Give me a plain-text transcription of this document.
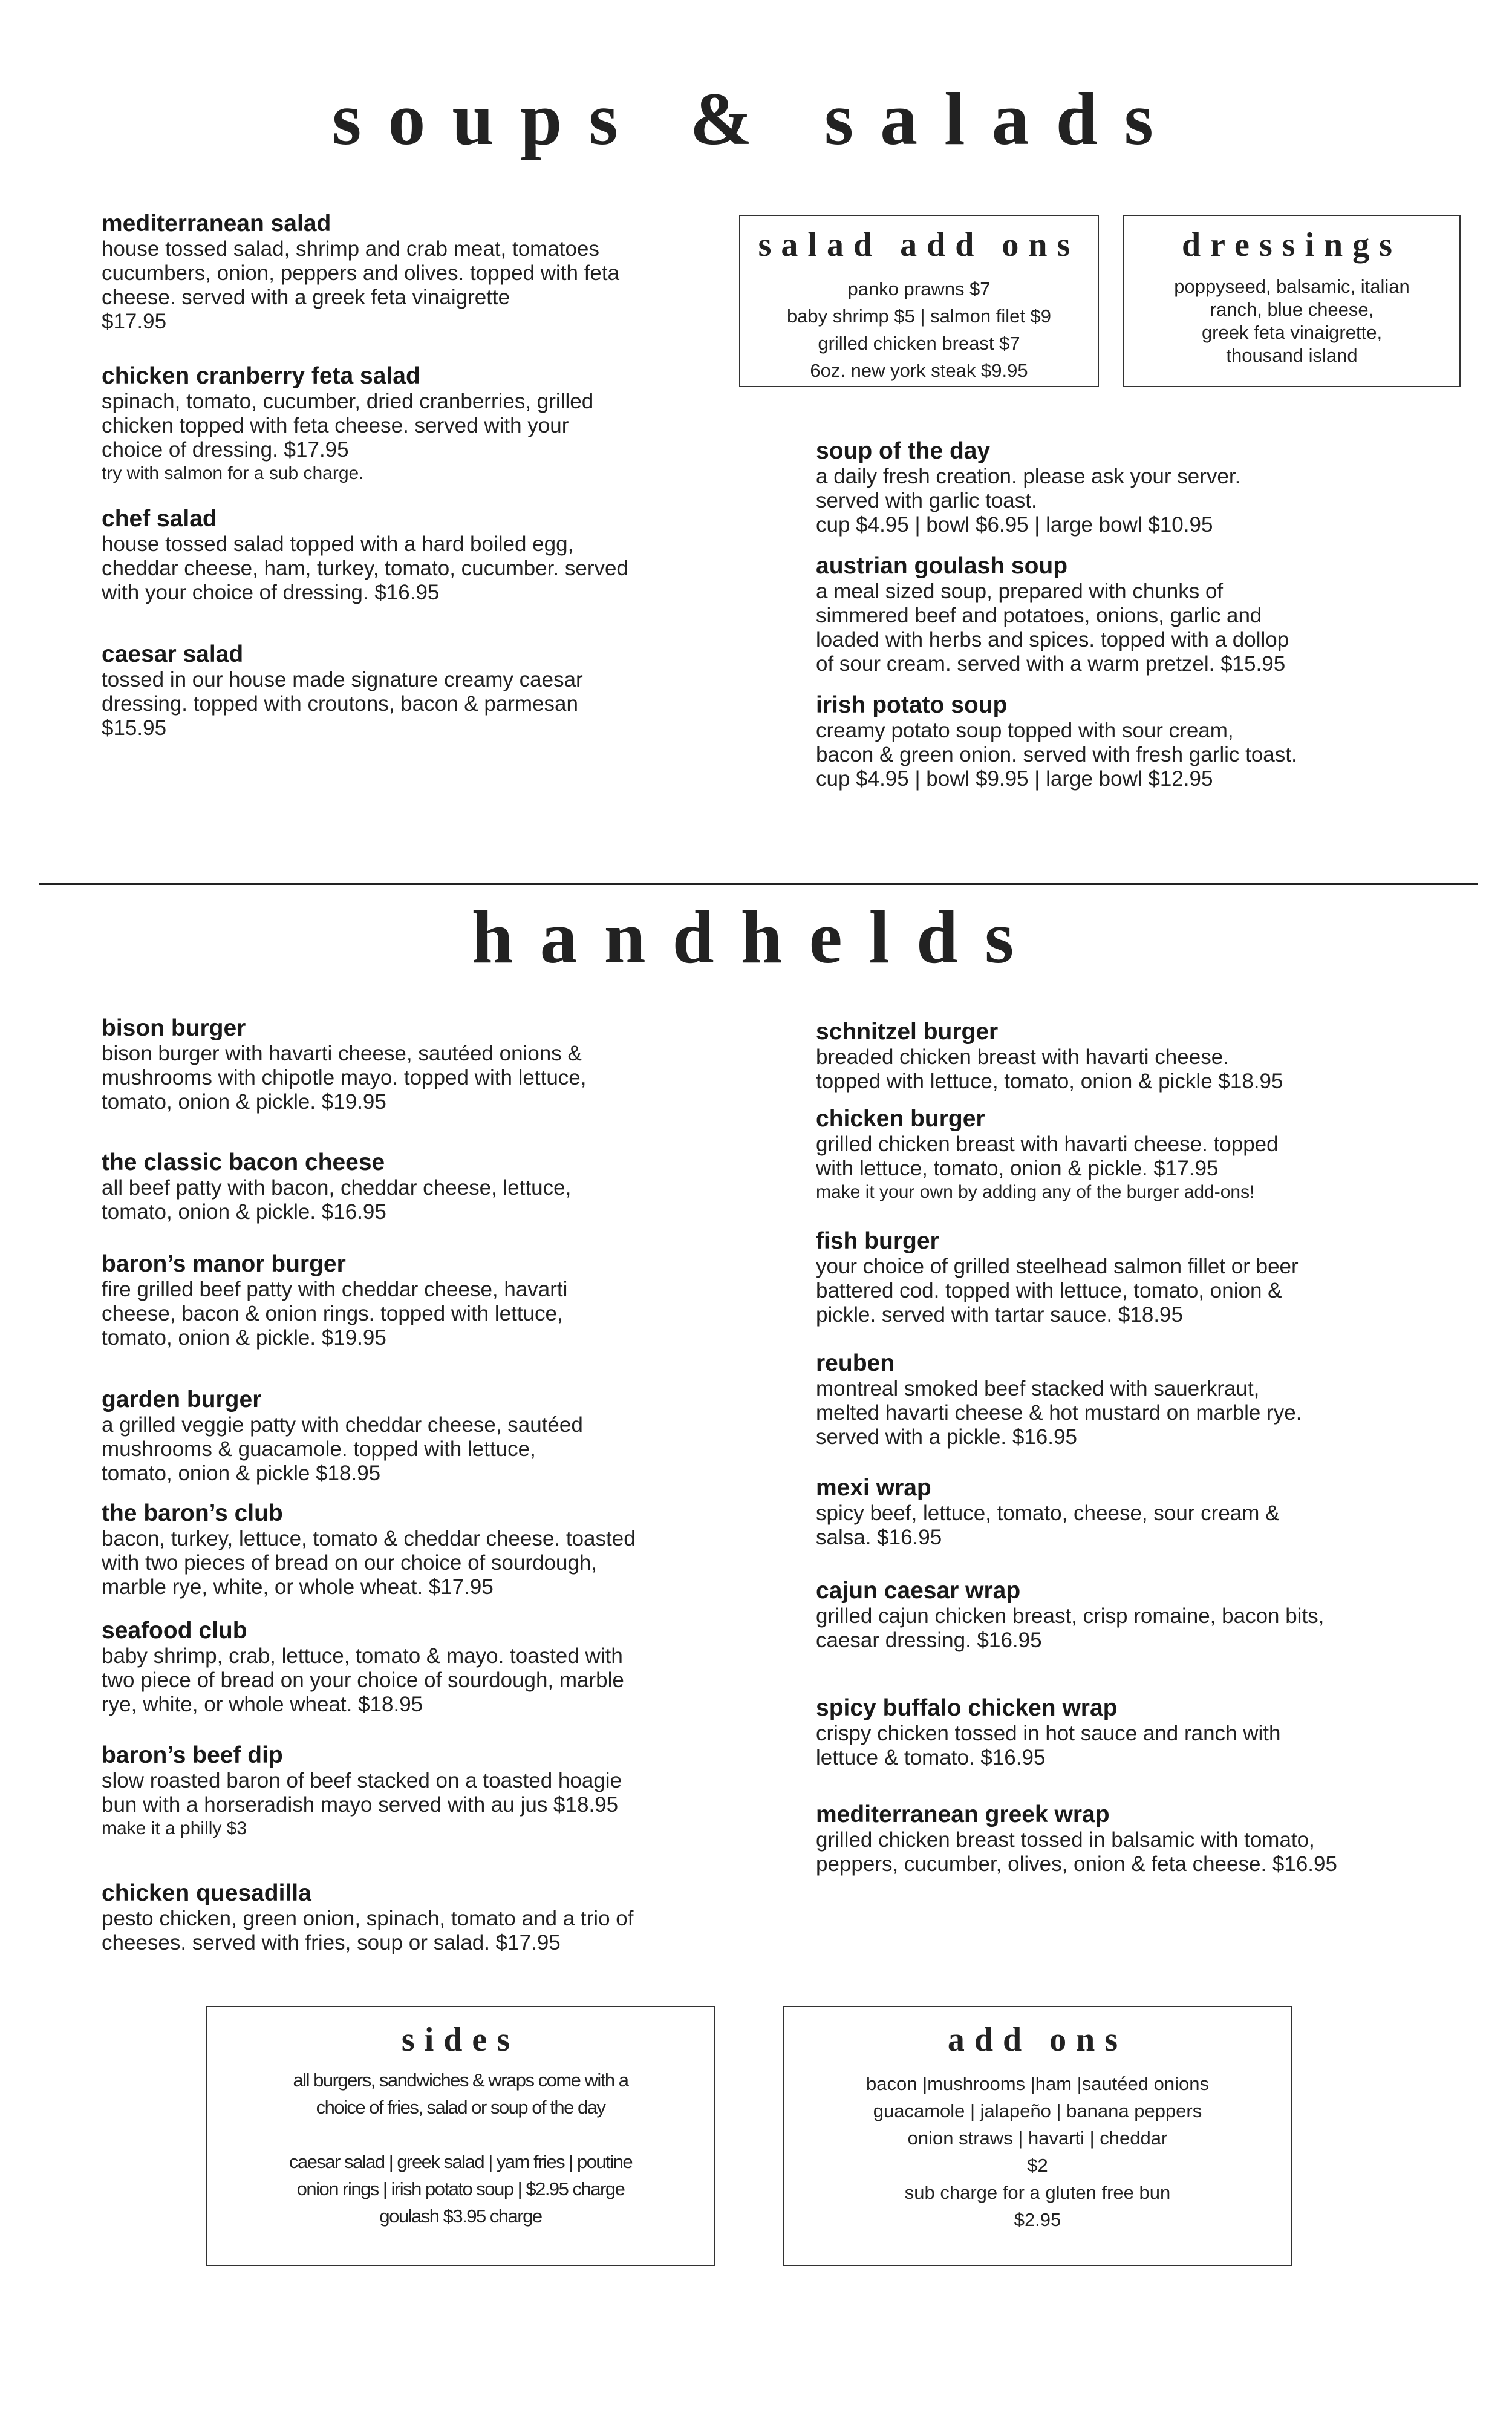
soups & salads
mediterranean salad
house tossed salad, shrimp and crab meat, tomatoes
cucumbers, onion, peppers and olives. topped with feta
cheese. served with a greek feta vinaigrette
$17.95
chicken cranberry feta salad
spinach, tomato, cucumber, dried cranberries, grilled
chicken topped with feta cheese. served with your
choice of dressing. $17.95
try with salmon for a sub charge.
chef salad
house tossed salad topped with a hard boiled egg,
cheddar cheese, ham, turkey, tomato, cucumber. served
with your choice of dressing. $16.95
caesar salad
tossed in our house made signature creamy caesar
dressing. topped with croutons, bacon & parmesan
$15.95
salad add ons
panko prawns $7
baby shrimp $5 | salmon filet $9
grilled chicken breast $7
6oz. new york steak $9.95
dressings
poppyseed, balsamic, italian
ranch, blue cheese,
greek feta vinaigrette,
thousand island
soup of the day
a daily fresh creation. please ask your server.
served with garlic toast.
cup $4.95 | bowl $6.95 | large bowl $10.95
austrian goulash soup
a meal sized soup, prepared with chunks of
simmered beef and potatoes, onions, garlic and
loaded with herbs and spices. topped with a dollop
of sour cream. served with a warm pretzel. $15.95
irish potato soup
creamy potato soup topped with sour cream,
bacon & green onion. served with fresh garlic toast.
cup $4.95 | bowl $9.95 | large bowl $12.95
handhelds
bison burger
bison burger with havarti cheese, sautéed onions &
mushrooms with chipotle mayo. topped with lettuce,
tomato, onion & pickle. $19.95
the classic bacon cheese
all beef patty with bacon, cheddar cheese, lettuce,
tomato, onion & pickle. $16.95
baron’s manor burger
fire grilled beef patty with cheddar cheese, havarti
cheese, bacon & onion rings. topped with lettuce,
tomato, onion & pickle. $19.95
garden burger
a grilled veggie patty with cheddar cheese, sautéed
mushrooms & guacamole. topped with lettuce,
tomato, onion & pickle $18.95
the baron’s club
bacon, turkey, lettuce, tomato & cheddar cheese. toasted
with two pieces of bread on our choice of sourdough,
marble rye, white, or whole wheat. $17.95
seafood club
baby shrimp, crab, lettuce, tomato & mayo. toasted with
two piece of bread on your choice of sourdough, marble
rye, white, or whole wheat. $18.95
baron’s beef dip
slow roasted baron of beef stacked on a toasted hoagie
bun with a horseradish mayo served with au jus $18.95
make it a philly $3
chicken quesadilla
pesto chicken, green onion, spinach, tomato and a trio of
cheeses. served with fries, soup or salad. $17.95
schnitzel burger
breaded chicken breast with havarti cheese.
topped with lettuce, tomato, onion & pickle $18.95
chicken burger
grilled chicken breast with havarti cheese. topped
with lettuce, tomato, onion & pickle. $17.95
make it your own by adding any of the burger add-ons!
fish burger
your choice of grilled steelhead salmon fillet or beer
battered cod. topped with lettuce, tomato, onion &
pickle. served with tartar sauce. $18.95
reuben
montreal smoked beef stacked with sauerkraut,
melted havarti cheese & hot mustard on marble rye.
served with a pickle. $16.95
mexi wrap
spicy beef, lettuce, tomato, cheese, sour cream &
salsa. $16.95
cajun caesar wrap
grilled cajun chicken breast, crisp romaine, bacon bits,
caesar dressing. $16.95
spicy buffalo chicken wrap
crispy chicken tossed in hot sauce and ranch with
lettuce & tomato. $16.95
mediterranean greek wrap
grilled chicken breast tossed in balsamic with tomato,
peppers, cucumber, olives, onion & feta cheese. $16.95
sides
all burgers, sandwiches & wraps come with a
choice of fries, salad or soup of the day

caesar salad | greek salad | yam fries | poutine
onion rings | irish potato soup | $2.95 charge
goulash $3.95 charge
add ons
bacon |mushrooms |ham |sautéed onions
guacamole | jalapeño | banana peppers
onion straws | havarti | cheddar
$2
sub charge for a gluten free bun
$2.95
